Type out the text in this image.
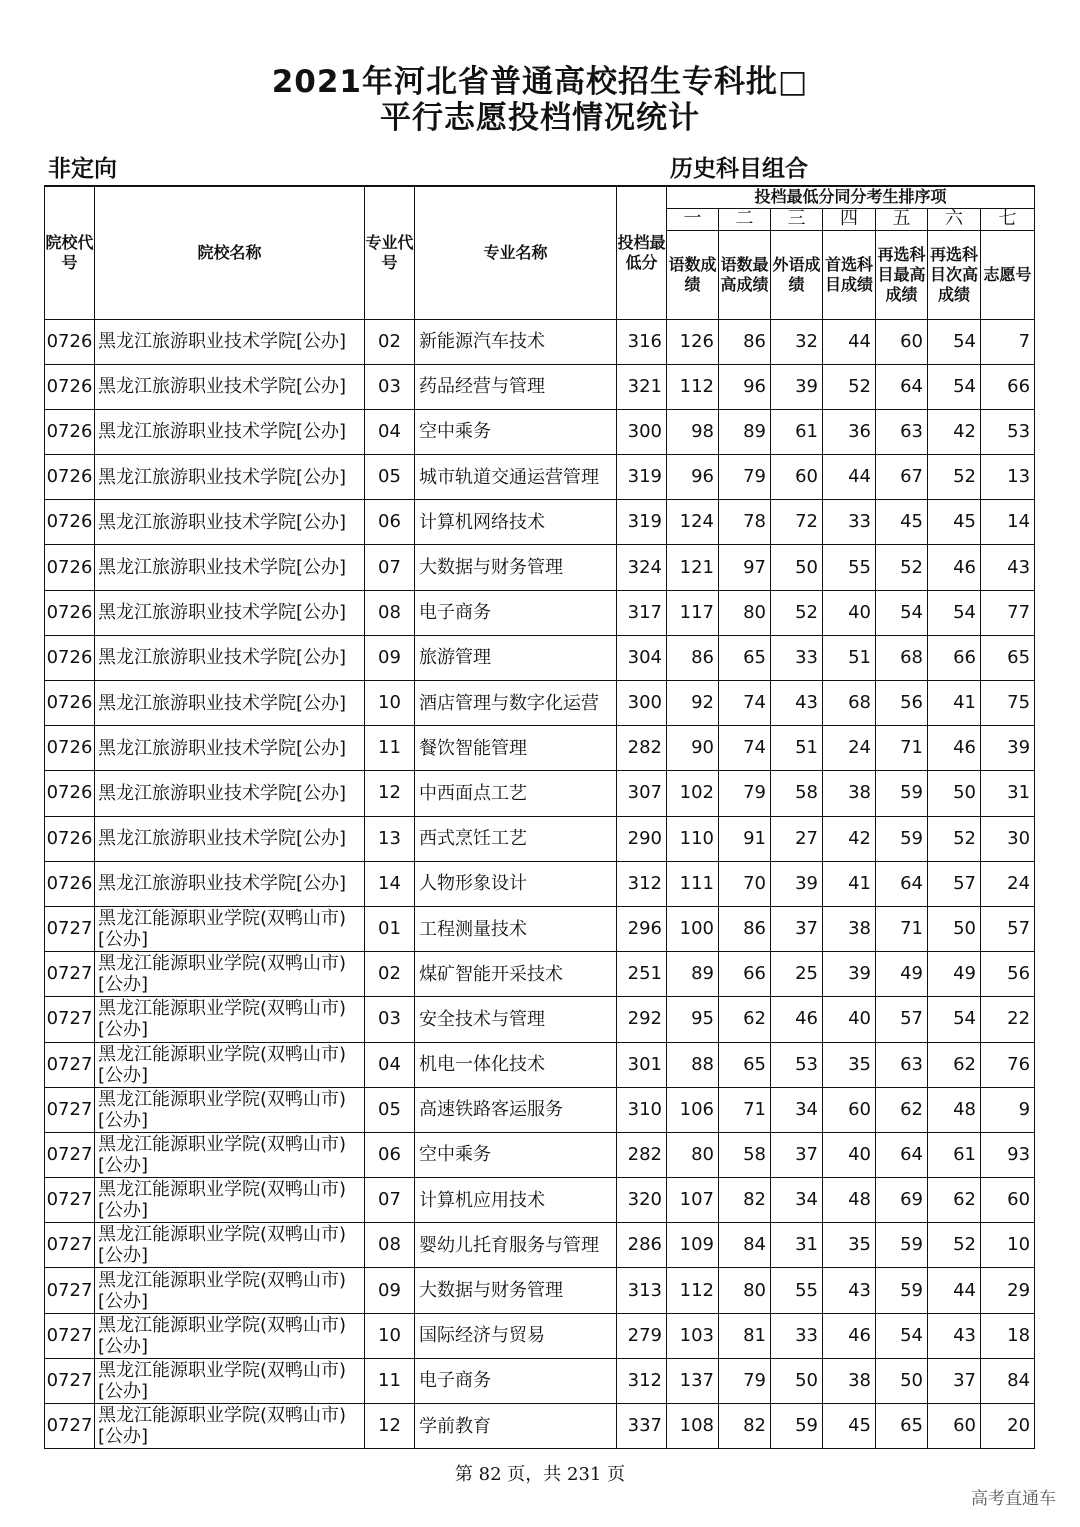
2021年河北省普通高校招生专科批□
平行志愿投档情况统计
非定向	历史科目组合
院校代号	院校名称	专业代号	专业名称	投档最低分	投档最低分同分考生排序项						
					一	二	三	四	五	六	七
					语数成绩	语数最高成绩	外语成绩	首选科目成绩	再选科目最高成绩	再选科目次高成绩	志愿号
0726	黑龙江旅游职业技术学院[公办]	02	新能源汽车技术	316	126	86	32	44	60	54	7
0726	黑龙江旅游职业技术学院[公办]	03	药品经营与管理	321	112	96	39	52	64	54	66
0726	黑龙江旅游职业技术学院[公办]	04	空中乘务	300	98	89	61	36	63	42	53
0726	黑龙江旅游职业技术学院[公办]	05	城市轨道交通运营管理	319	96	79	60	44	67	52	13
0726	黑龙江旅游职业技术学院[公办]	06	计算机网络技术	319	124	78	72	33	45	45	14
0726	黑龙江旅游职业技术学院[公办]	07	大数据与财务管理	324	121	97	50	55	52	46	43
0726	黑龙江旅游职业技术学院[公办]	08	电子商务	317	117	80	52	40	54	54	77
0726	黑龙江旅游职业技术学院[公办]	09	旅游管理	304	86	65	33	51	68	66	65
0726	黑龙江旅游职业技术学院[公办]	10	酒店管理与数字化运营	300	92	74	43	68	56	41	75
0726	黑龙江旅游职业技术学院[公办]	11	餐饮智能管理	282	90	74	51	24	71	46	39
0726	黑龙江旅游职业技术学院[公办]	12	中西面点工艺	307	102	79	58	38	59	50	31
0726	黑龙江旅游职业技术学院[公办]	13	西式烹饪工艺	290	110	91	27	42	59	52	30
0726	黑龙江旅游职业技术学院[公办]	14	人物形象设计	312	111	70	39	41	64	57	24
0727	黑龙江能源职业学院(双鸭山市)[公办]	01	工程测量技术	296	100	86	37	38	71	50	57
0727	黑龙江能源职业学院(双鸭山市)[公办]	02	煤矿智能开采技术	251	89	66	25	39	49	49	56
0727	黑龙江能源职业学院(双鸭山市)[公办]	03	安全技术与管理	292	95	62	46	40	57	54	22
0727	黑龙江能源职业学院(双鸭山市)[公办]	04	机电一体化技术	301	88	65	53	35	63	62	76
0727	黑龙江能源职业学院(双鸭山市)[公办]	05	高速铁路客运服务	310	106	71	34	60	62	48	9
0727	黑龙江能源职业学院(双鸭山市)[公办]	06	空中乘务	282	80	58	37	40	64	61	93
0727	黑龙江能源职业学院(双鸭山市)[公办]	07	计算机应用技术	320	107	82	34	48	69	62	60
0727	黑龙江能源职业学院(双鸭山市)[公办]	08	婴幼儿托育服务与管理	286	109	84	31	35	59	52	10
0727	黑龙江能源职业学院(双鸭山市)[公办]	09	大数据与财务管理	313	112	80	55	43	59	44	29
0727	黑龙江能源职业学院(双鸭山市)[公办]	10	国际经济与贸易	279	103	81	33	46	54	43	18
0727	黑龙江能源职业学院(双鸭山市)[公办]	11	电子商务	312	137	79	50	38	50	37	84
0727	黑龙江能源职业学院(双鸭山市)[公办]	12	学前教育	337	108	82	59	45	65	60	20
第 82 页，共 231 页
高考直通车
